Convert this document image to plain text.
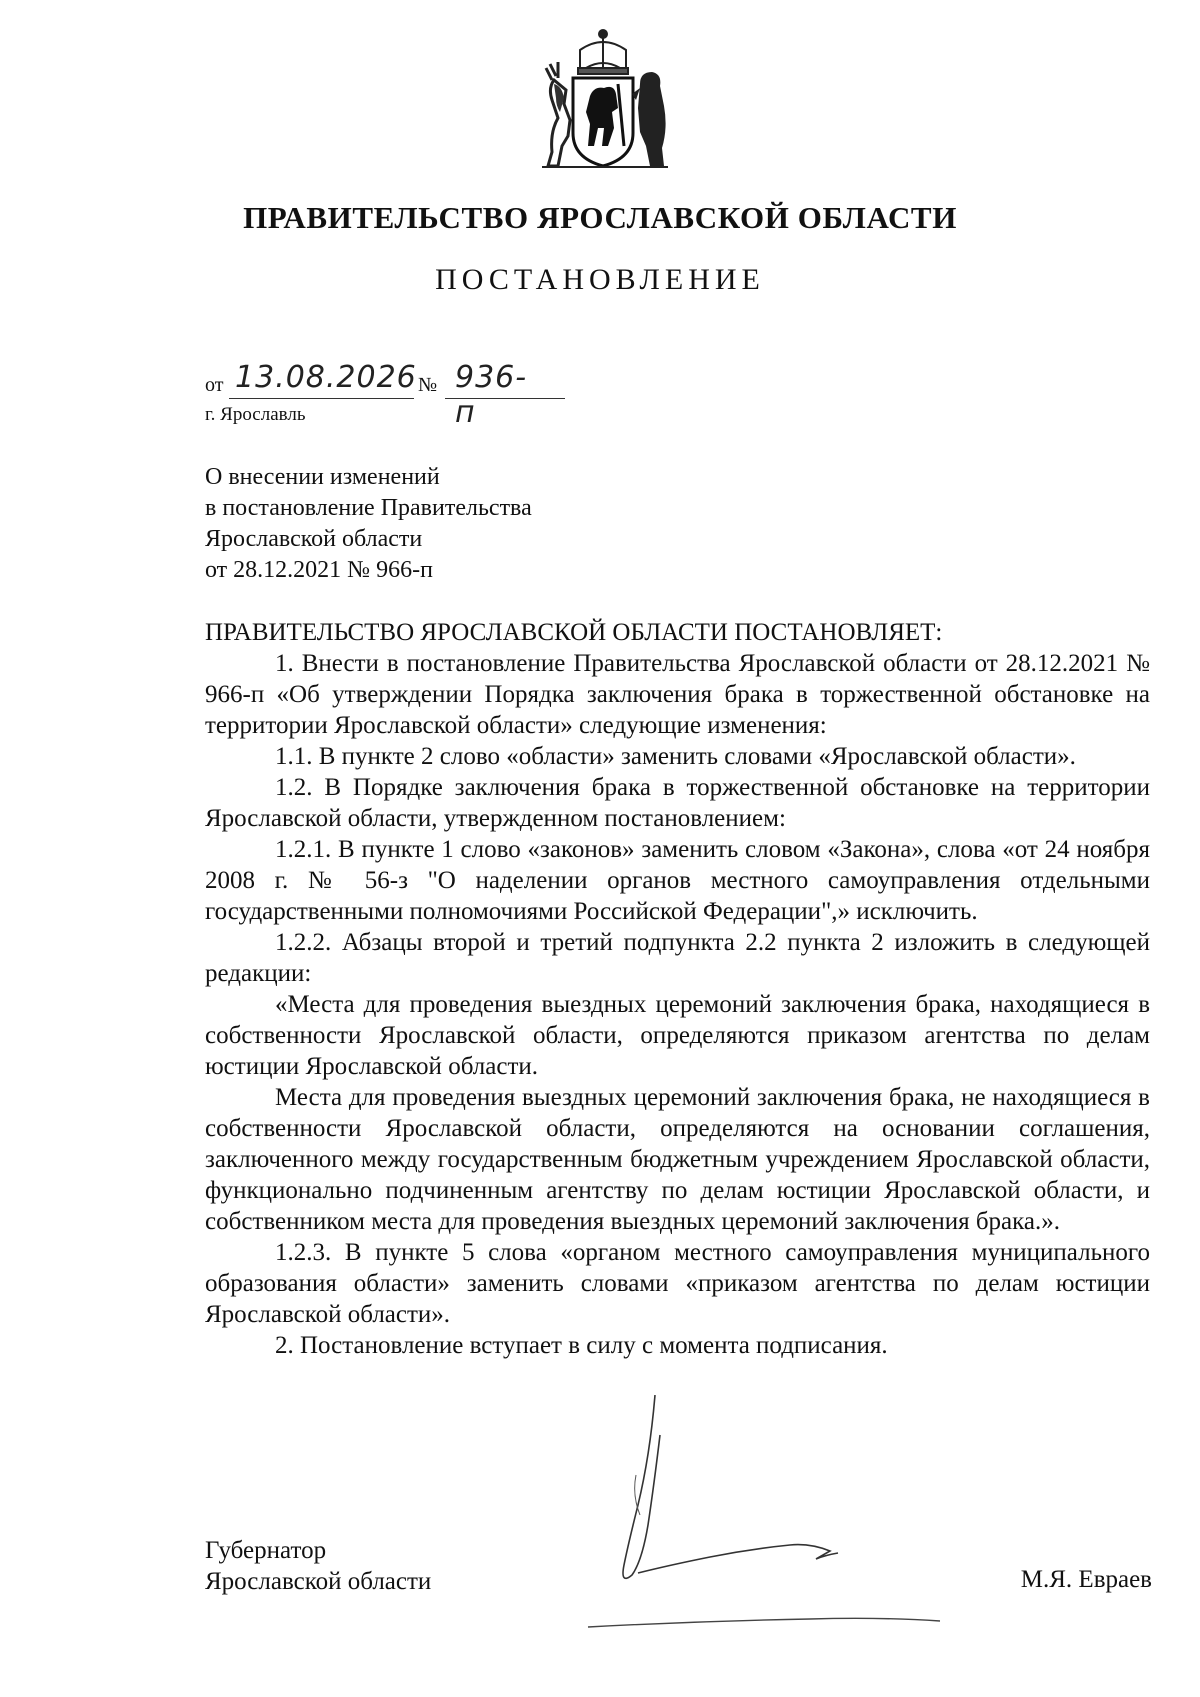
ПРАВИТЕЛЬСТВО ЯРОСЛАВСКОЙ ОБЛАСТИ
ПОСТАНОВЛЕНИЕ
от 13.08.2026 № 936-п
г. Ярославль
О внесении изменений
в постановление Правительства
Ярославской области
от 28.12.2021 № 966-п

ПРАВИТЕЛЬСТВО ЯРОСЛАВСКОЙ ОБЛАСТИ ПОСТАНОВЛЯЕТ:

1. Внести в постановление Правительства Ярославской области от 28.12.2021 № 966-п «Об утверждении Порядка заключения брака в торжественной обстановке на территории Ярославской области» следующие изменения:

1.1. В пункте 2 слово «области» заменить словами «Ярославской области».

1.2. В Порядке заключения брака в торжественной обстановке на территории Ярославской области, утвержденном постановлением:

1.2.1. В пункте 1 слово «законов» заменить словом «Закона», слова «от 24 ноября 2008 г. № 56-з "О наделении органов местного самоуправления отдельными государственными полномочиями Российской Федерации",» исключить.

1.2.2. Абзацы второй и третий подпункта 2.2 пункта 2 изложить в следующей редакции:

«Места для проведения выездных церемоний заключения брака, находящиеся в собственности Ярославской области, определяются приказом агентства по делам юстиции Ярославской области.

Места для проведения выездных церемоний заключения брака, не находящиеся в собственности Ярославской области, определяются на основании соглашения, заключенного между государственным бюджетным учреждением Ярославской области, функционально подчиненным агентству по делам юстиции Ярославской области, и собственником места для проведения выездных церемоний заключения брака.».

1.2.3. В пункте 5 слова «органом местного самоуправления муниципального образования области» заменить словами «приказом агентства по делам юстиции Ярославской области».

2. Постановление вступает в силу с момента подписания.

Губернатор
Ярославской области	М.Я. Евраев
